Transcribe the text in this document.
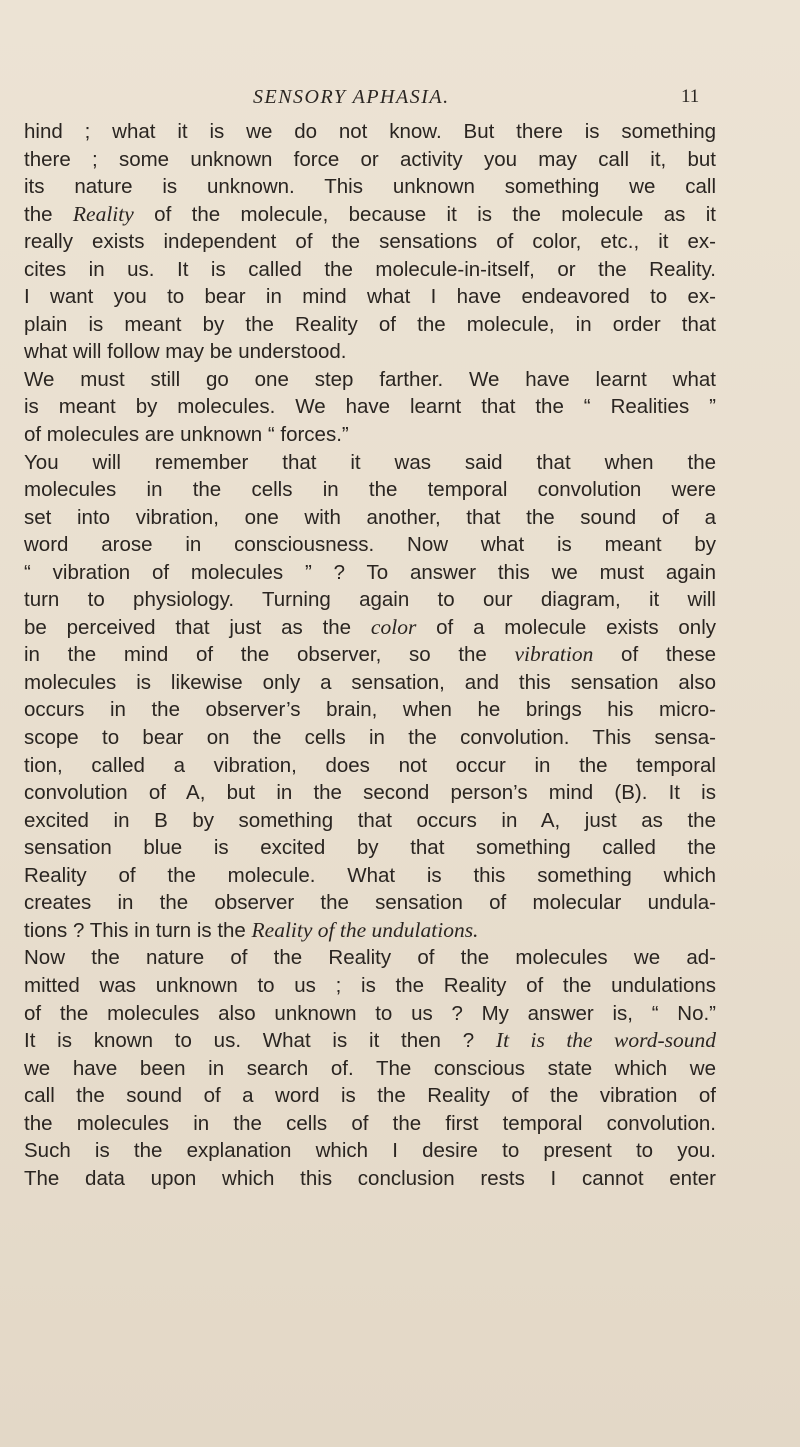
SENSORY APHASIA.	11
hind ; what it is we do not know. But there is something
there ; some unknown force or activity you may call it, but
its nature is unknown. This unknown something we call
the Reality of the molecule, because it is the molecule as it
really exists independent of the sensations of color, etc., it ex-
cites in us. It is called the molecule-in-itself, or the Reality.
I want you to bear in mind what I have endeavored to ex-
plain is meant by the Reality of the molecule, in order that
what will follow may be understood.
We must still go one step farther. We have learnt what
is meant by molecules. We have learnt that the “ Realities ”
of molecules are unknown “ forces.”
You will remember that it was said that when the
molecules in the cells in the temporal convolution were
set into vibration, one with another, that the sound of a
word arose in consciousness. Now what is meant by
“ vibration of molecules ” ? To answer this we must again
turn to physiology. Turning again to our diagram, it will
be perceived that just as the color of a molecule exists only
in the mind of the observer, so the vibration of these
molecules is likewise only a sensation, and this sensation also
occurs in the observer’s brain, when he brings his micro-
scope to bear on the cells in the convolution. This sensa-
tion, called a vibration, does not occur in the temporal
convolution of A, but in the second person’s mind (B). It is
excited in B by something that occurs in A, just as the
sensation blue is excited by that something called the
Reality of the molecule. What is this something which
creates in the observer the sensation of molecular undula-
tions ? This in turn is the Reality of the undulations.
Now the nature of the Reality of the molecules we ad-
mitted was unknown to us ; is the Reality of the undulations
of the molecules also unknown to us ? My answer is, “ No.”
It is known to us. What is it then ? It is the word-sound
we have been in search of. The conscious state which we
call the sound of a word is the Reality of the vibration of
the molecules in the cells of the first temporal convolution.
Such is the explanation which I desire to present to you.
The data upon which this conclusion rests I cannot enter
